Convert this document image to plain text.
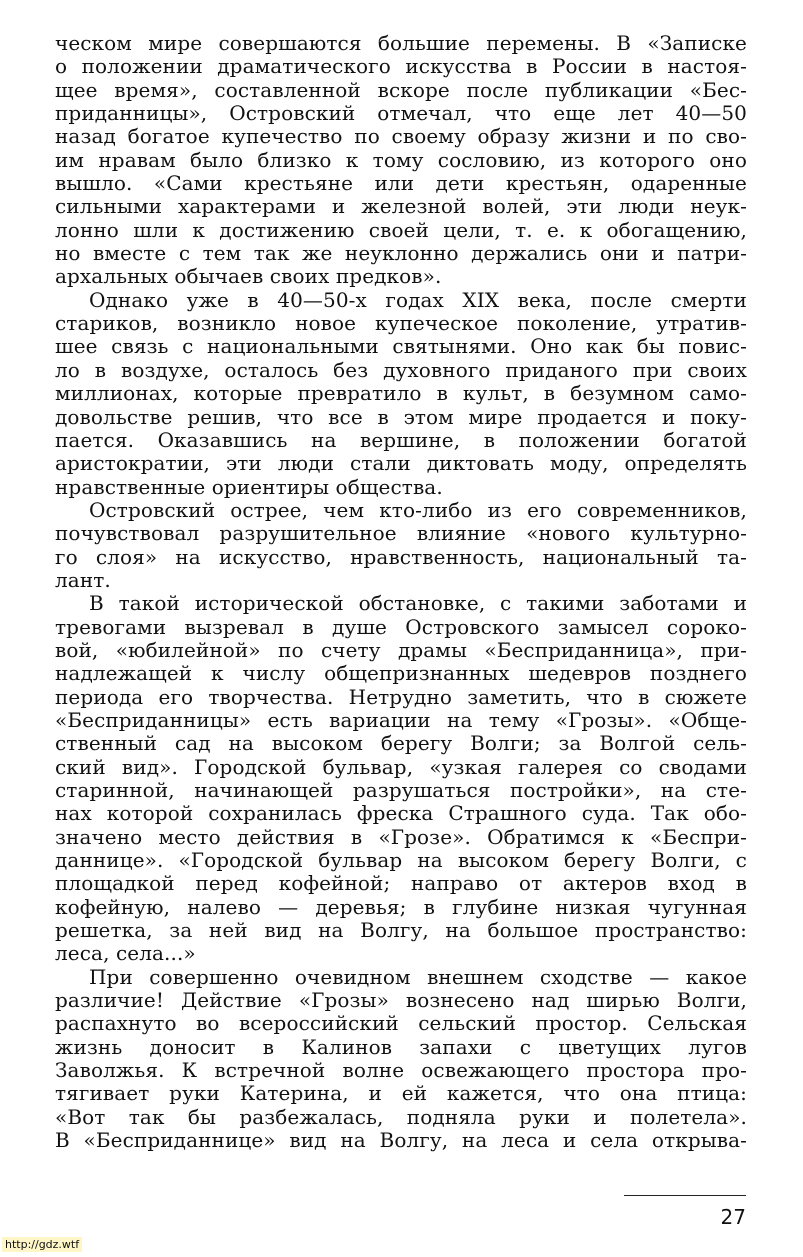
ческом мире совершаются большие перемены. В «Записке
о положении драматического искусства в России в настоя-
щее время», составленной вскоре после публикации «Бес-
приданницы», Островский отмечал, что еще лет 40—50
назад богатое купечество по своему образу жизни и по сво-
им нравам было близко к тому сословию, из которого оно
вышло. «Сами крестьяне или дети крестьян, одаренные
сильными характерами и железной волей, эти люди неук-
лонно шли к достижению своей цели, т. е. к обогащению,
но вместе с тем так же неуклонно держались они и патри-
архальных обычаев своих предков».
Однако уже в 40—50-х годах XIX века, после смерти
стариков, возникло новое купеческое поколение, утратив-
шее связь с национальными святынями. Оно как бы повис-
ло в воздухе, осталось без духовного приданого при своих
миллионах, которые превратило в культ, в безумном само-
довольстве решив, что все в этом мире продается и поку-
пается. Оказавшись на вершине, в положении богатой
аристократии, эти люди стали диктовать моду, определять
нравственные ориентиры общества.
Островский острее, чем кто-либо из его современников,
почувствовал разрушительное влияние «нового культурно-
го слоя» на искусство, нравственность, национальный та-
лант.
В такой исторической обстановке, с такими заботами и
тревогами вызревал в душе Островского замысел сороко-
вой, «юбилейной» по счету драмы «Бесприданница», при-
надлежащей к числу общепризнанных шедевров позднего
периода его творчества. Нетрудно заметить, что в сюжете
«Бесприданницы» есть вариации на тему «Грозы». «Обще-
ственный сад на высоком берегу Волги; за Волгой сель-
ский вид». Городской бульвар, «узкая галерея со сводами
старинной, начинающей разрушаться постройки», на сте-
нах которой сохранилась фреска Страшного суда. Так обо-
значено место действия в «Грозе». Обратимся к «Беспри-
даннице». «Городской бульвар на высоком берегу Волги, с
площадкой перед кофейной; направо от актеров вход в
кофейную, налево — деревья; в глубине низкая чугунная
решетка, за ней вид на Волгу, на большое пространство:
леса, села...»
При совершенно очевидном внешнем сходстве — какое
различие! Действие «Грозы» вознесено над ширью Волги,
распахнуто во всероссийский сельский простор. Сельская
жизнь доносит в Калинов запахи с цветущих лугов
Заволжья. К встречной волне освежающего простора про-
тягивает руки Катерина, и ей кажется, что она птица:
«Вот так бы разбежалась, подняла руки и полетела».
В «Бесприданнице» вид на Волгу, на леса и села открыва-
27
http://gdz.wtf
